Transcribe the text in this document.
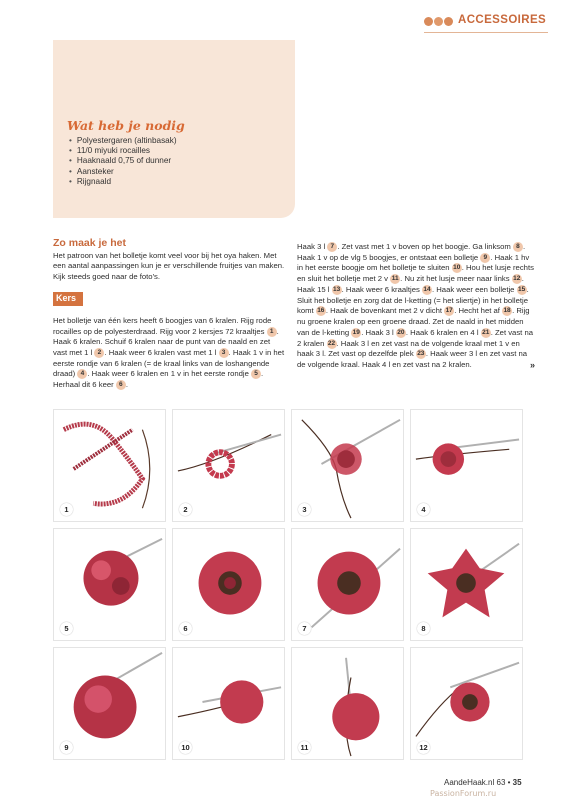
ACCESSOIRES
Wat heb je nodig
• Polyestergaren (altinbasak)
• 11/0 miyuki rocailles
• Haaknaald 0,75 of dunner
• Aansteker
• Rijgnaald
Zo maak je het

Het patroon van het bolletje komt veel voor bij het oya haken. Met een aantal aanpassingen kun je er verschillende fruitjes van maken. Kijk steeds goed naar de foto's.

Kers

Het bolletje van één kers heeft 6 boogjes van 6 kralen. Rijg rode rocailles op de polyesterdraad. Rijg voor 2 kersjes 72 kraaltjes 1 . Haak 6 kralen. Schuif 6 kralen naar de punt van de naald en zet vast met 1 l 2 . Haak weer 6 kralen vast met 1 l 3 . Haak 1 v in het eerste rondje van 6 kralen (= de kraal links van de loshangende draad) 4 . Haak weer 6 kralen en 1 v in het eerste rondje 5 . Herhaal dit 6 keer 6 .

Haak 3 l 7 . Zet vast met 1 v boven op het boogje. Ga linksom 8 . Haak 1 v op de vlg 5 boogjes, er ontstaat een bolletje 9 . Haak 1 hv in het eerste boogje om het bolletje te sluiten 10. Hou het lusje rechts en sluit het bolletje met 2 v 11 . Nu zit het lusje meer naar links 12. Haak 15 l 13. Haak weer 6 kraaltjes 14. Haak weer een bolletje 15. Sluit het bolletje en zorg dat de l-ketting (= het sliertje) in het bolletje komt 16. Haak de bovenkant met 2 v dicht 17. Hecht het af 18. Rijg nu groene kralen op een groene draad. Zet de naald in het midden van de l-ketting 19. Haak 3 l 20. Haak 6 kralen en 4 l 21. Zet vast na 2 kralen 22. Haak 3 l en zet vast na de volgende kraal met 1 v en haak 3 l. Zet vast op dezelfde plek 23. Haak weer 3 l en zet vast na de volgende kraal. Haak 4 l en zet vast na 2 kralen.	»
1	2	3	4
5	6	7	8
9	10	11	12
AandeHaak.nl 63 • 35
PassionForum.ru
